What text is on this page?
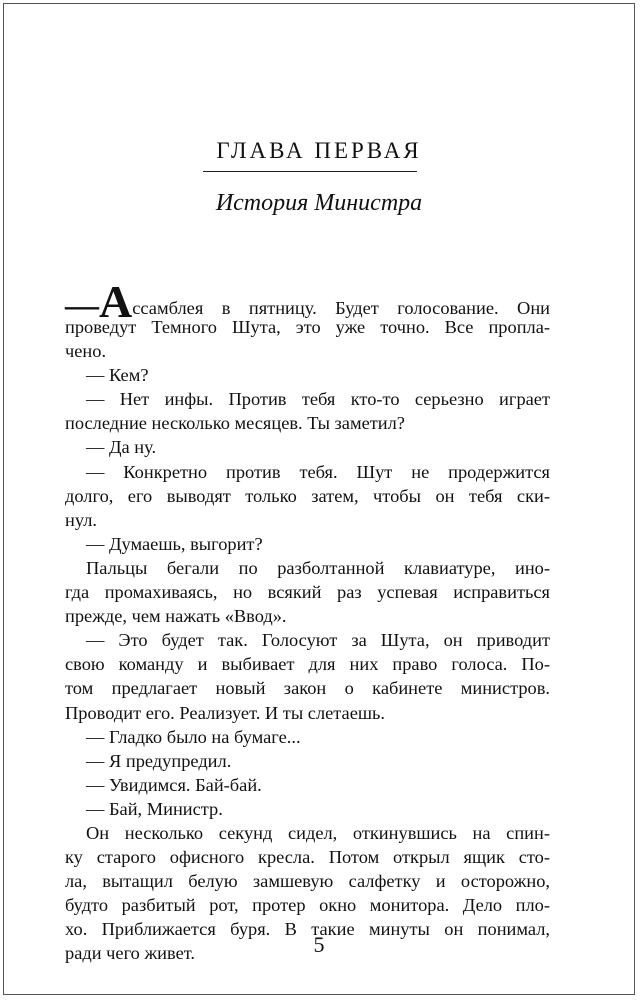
ГЛАВА ПЕРВАЯ
История Министра
—Ассамблея в пятницу. Будет голосование. Они
проведут Темного Шута, это уже точно. Все пропла-
чено.
— Кем?
— Нет инфы. Против тебя кто-то серьезно играет
последние несколько месяцев. Ты заметил?
— Да ну.
— Конкретно против тебя. Шут не продержится
долго, его выводят только затем, чтобы он тебя ски-
нул.
— Думаешь, выгорит?
Пальцы бегали по разболтанной клавиатуре, ино-
гда промахиваясь, но всякий раз успевая исправиться
прежде, чем нажать «Ввод».
— Это будет так. Голосуют за Шута, он приводит
свою команду и выбивает для них право голоса. По-
том предлагает новый закон о кабинете министров.
Проводит его. Реализует. И ты слетаешь.
— Гладко было на бумаге...
— Я предупредил.
— Увидимся. Бай-бай.
— Бай, Министр.
Он несколько секунд сидел, откинувшись на спин-
ку старого офисного кресла. Потом открыл ящик сто-
ла, вытащил белую замшевую салфетку и осторожно,
будто разбитый рот, протер окно монитора. Дело пло-
хо. Приближается буря. В такие минуты он понимал,
ради чего живет.	5
